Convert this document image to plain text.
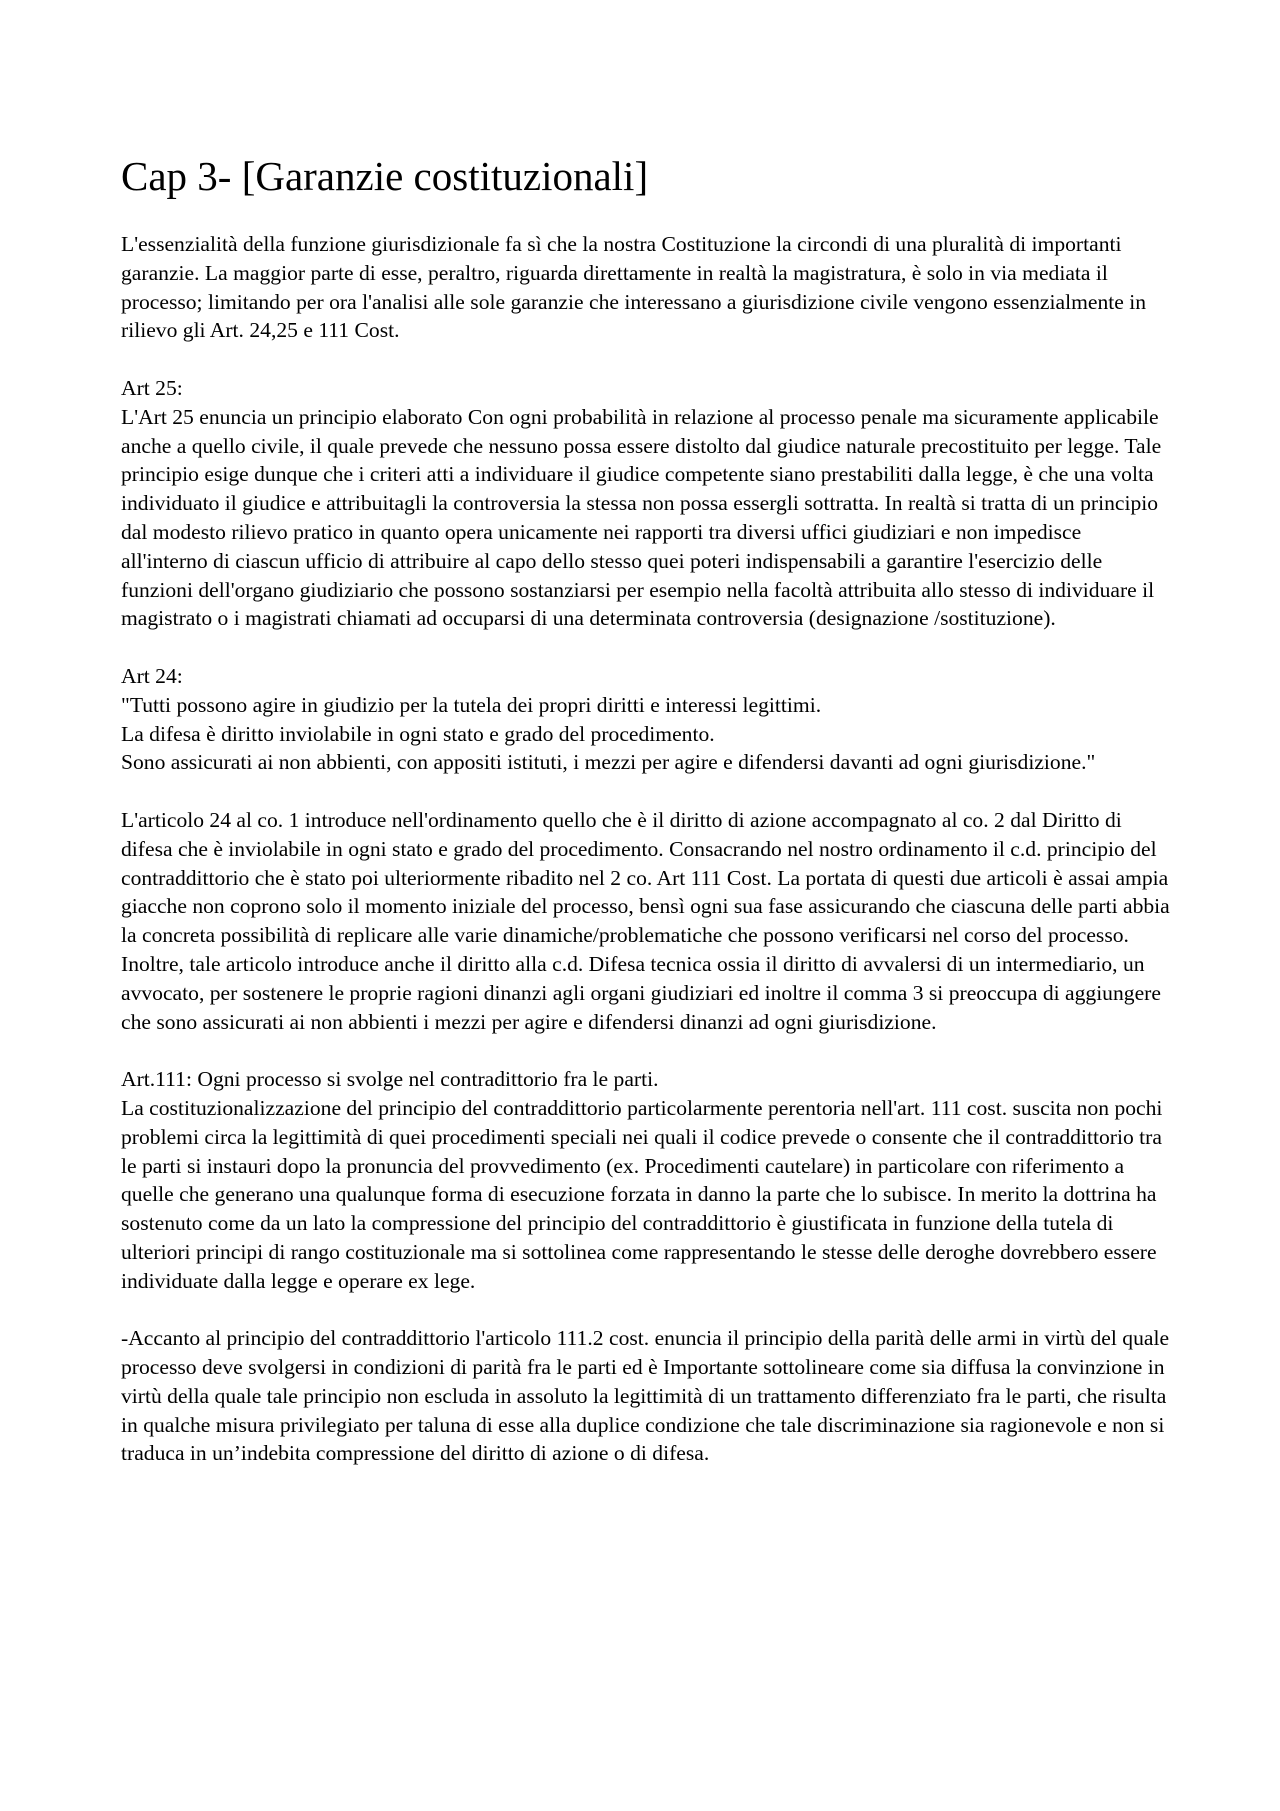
Cap 3- [Garanzie costituzionali]

L'essenzialità della funzione giurisdizionale fa sì che la nostra Costituzione la circondi di una pluralità di importanti garanzie. La maggior parte di esse, peraltro, riguarda direttamente in realtà la magistratura, è solo in via mediata il processo; limitando per ora l'analisi alle sole garanzie che interessano a giurisdizione civile vengono essenzialmente in rilievo gli Art. 24,25 e 111 Cost.

Art 25:

L'Art 25 enuncia un principio elaborato Con ogni probabilità in relazione al processo penale ma sicuramente applicabile anche a quello civile, il quale prevede che nessuno possa essere distolto dal giudice naturale precostituito per legge. Tale principio esige dunque che i criteri atti a individuare il giudice competente siano prestabiliti dalla legge, è che una volta individuato il giudice e attribuitagli la controversia la stessa non possa essergli sottratta. In realtà si tratta di un principio dal modesto rilievo pratico in quanto opera unicamente nei rapporti tra diversi uffici giudiziari e non impedisce all'interno di ciascun ufficio di attribuire al capo dello stesso quei poteri indispensabili a garantire l'esercizio delle funzioni dell'organo giudiziario che possono sostanziarsi per esempio nella facoltà attribuita allo stesso di individuare il magistrato o i magistrati chiamati ad occuparsi di una determinata controversia (designazione /sostituzione).

Art 24:

"Tutti possono agire in giudizio per la tutela dei propri diritti e interessi legittimi.

La difesa è diritto inviolabile in ogni stato e grado del procedimento.

Sono assicurati ai non abbienti, con appositi istituti, i mezzi per agire e difendersi davanti ad ogni giurisdizione."

L'articolo 24 al co. 1 introduce nell'ordinamento quello che è il diritto di azione accompagnato al co. 2 dal Diritto di difesa che è inviolabile in ogni stato e grado del procedimento. Consacrando nel nostro ordinamento il c.d. principio del contraddittorio che è stato poi ulteriormente ribadito nel 2 co. Art 111 Cost. La portata di questi due articoli è assai ampia giacche non coprono solo il momento iniziale del processo, bensì ogni sua fase assicurando che ciascuna delle parti abbia la concreta possibilità di replicare alle varie dinamiche/problematiche che possono verificarsi nel corso del processo. Inoltre, tale articolo introduce anche il diritto alla c.d. Difesa tecnica ossia il diritto di avvalersi di un intermediario, un avvocato, per sostenere le proprie ragioni dinanzi agli organi giudiziari ed inoltre il comma 3 si preoccupa di aggiungere che sono assicurati ai non abbienti i mezzi per agire e difendersi dinanzi ad ogni giurisdizione.

Art.111: Ogni processo si svolge nel contradittorio fra le parti.

La costituzionalizzazione del principio del contraddittorio particolarmente perentoria nell'art. 111 cost. suscita non pochi problemi circa la legittimità di quei procedimenti speciali nei quali il codice prevede o consente che il contraddittorio tra le parti si instauri dopo la pronuncia del provvedimento (ex. Procedimenti cautelare) in particolare con riferimento a quelle che generano una qualunque forma di esecuzione forzata in danno la parte che lo subisce. In merito la dottrina ha sostenuto come da un lato la compressione del principio del contraddittorio è giustificata in funzione della tutela di ulteriori principi di rango costituzionale ma si sottolinea come rappresentando le stesse delle deroghe dovrebbero essere individuate dalla legge e operare ex lege.

-Accanto al principio del contraddittorio l'articolo 111.2 cost. enuncia il principio della parità delle armi in virtù del quale processo deve svolgersi in condizioni di parità fra le parti ed è Importante sottolineare come sia diffusa la convinzione in virtù della quale tale principio non escluda in assoluto la legittimità di un trattamento differenziato fra le parti, che risulta in qualche misura privilegiato per taluna di esse alla duplice condizione che tale discriminazione sia ragionevole e non si traduca in un’indebita compressione del diritto di azione o di difesa.
